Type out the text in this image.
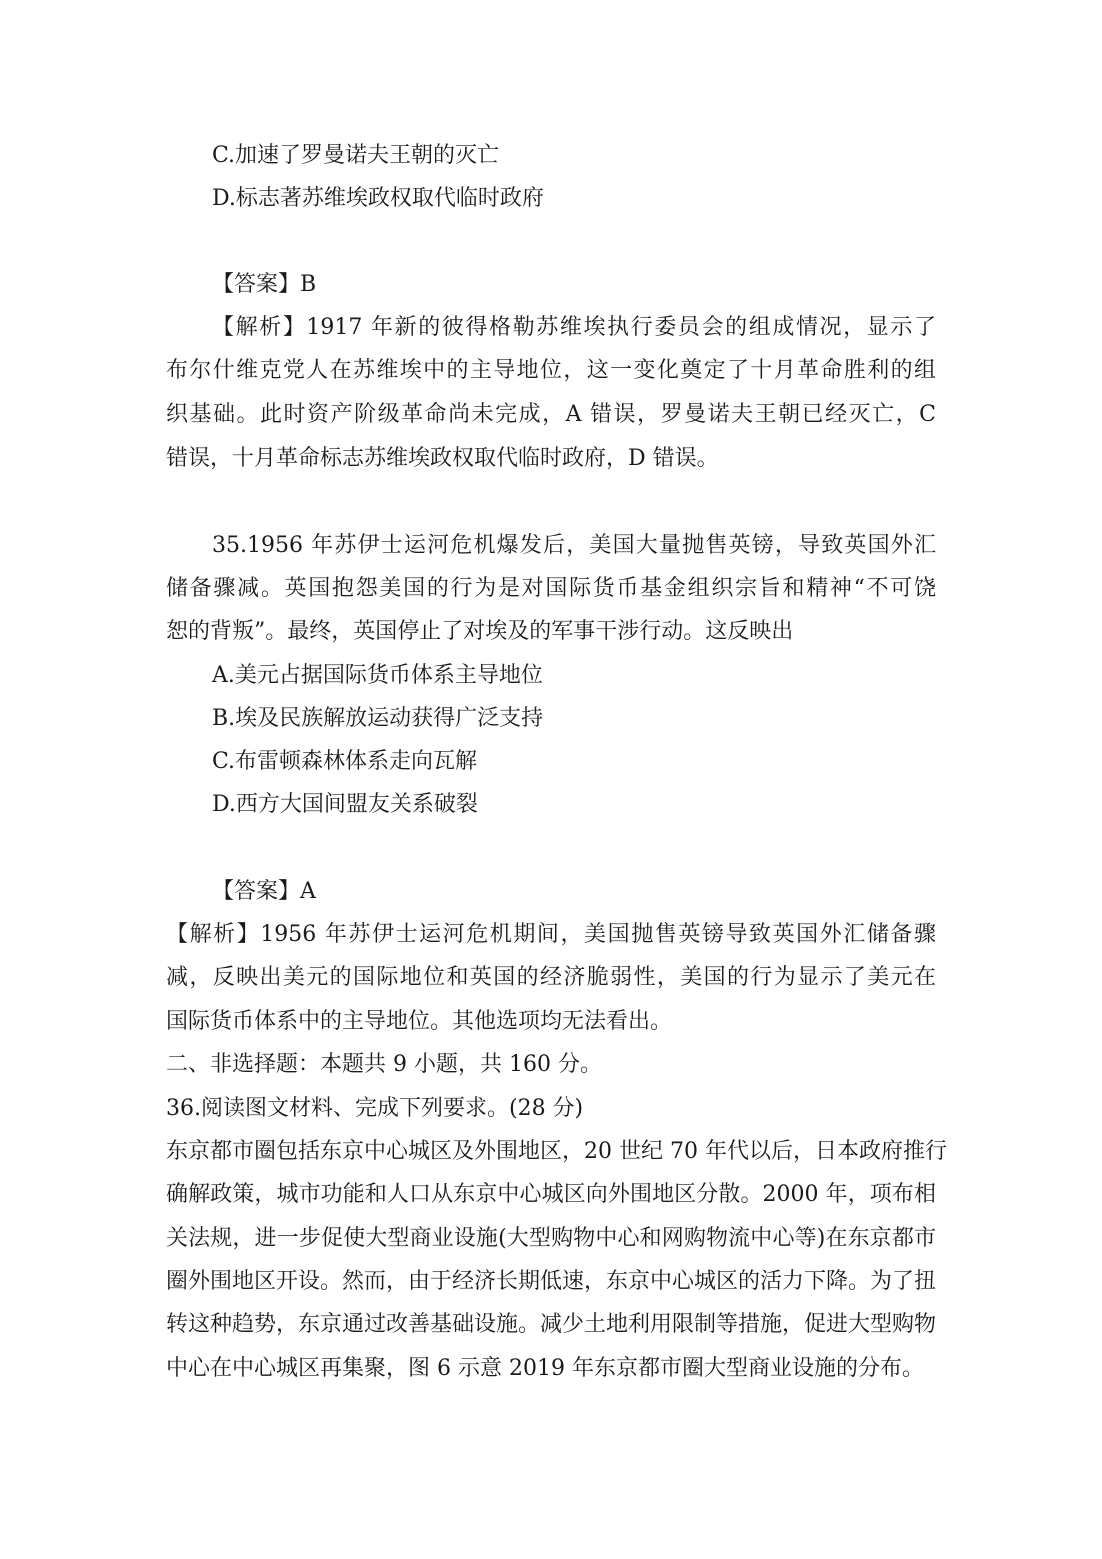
C.加速了罗曼诺夫王朝的灭亡
D.标志著苏维埃政权取代临时政府
【答案】B
【解析】1917 年新的彼得格勒苏维埃执行委员会的组成情况，显示了
布尔什维克党人在苏维埃中的主导地位，这一变化奠定了十月革命胜利的组
织基础。此时资产阶级革命尚未完成，A 错误，罗曼诺夫王朝已经灭亡，C
错误，十月革命标志苏维埃政权取代临时政府，D 错误。
35.1956 年苏伊士运河危机爆发后，美国大量抛售英镑，导致英国外汇
储备骤减。英国抱怨美国的行为是对国际货币基金组织宗旨和精神“不可饶
恕的背叛”。最终，英国停止了对埃及的军事干涉行动。这反映出
A.美元占据国际货币体系主导地位
B.埃及民族解放运动获得广泛支持
C.布雷顿森林体系走向瓦解
D.西方大国间盟友关系破裂
【答案】A
【解析】1956 年苏伊士运河危机期间，美国抛售英镑导致英国外汇储备骤
减，反映出美元的国际地位和英国的经济脆弱性，美国的行为显示了美元在
国际货币体系中的主导地位。其他选项均无法看出。
二、非选择题：本题共 9 小题，共 160 分。
36.阅读图文材料、完成下列要求。(28 分)
东京都市圈包括东京中心城区及外围地区，20 世纪 70 年代以后，日本政府推行
确解政策，城市功能和人口从东京中心城区向外围地区分散。2000 年，项布相
关法规，进一步促使大型商业设施(大型购物中心和网购物流中心等)在东京都市
圈外围地区开设。然而，由于经济长期低速，东京中心城区的活力下降。为了扭
转这种趋势，东京通过改善基础设施。减少土地利用限制等措施，促进大型购物
中心在中心城区再集聚，图 6 示意 2019 年东京都市圈大型商业设施的分布。
